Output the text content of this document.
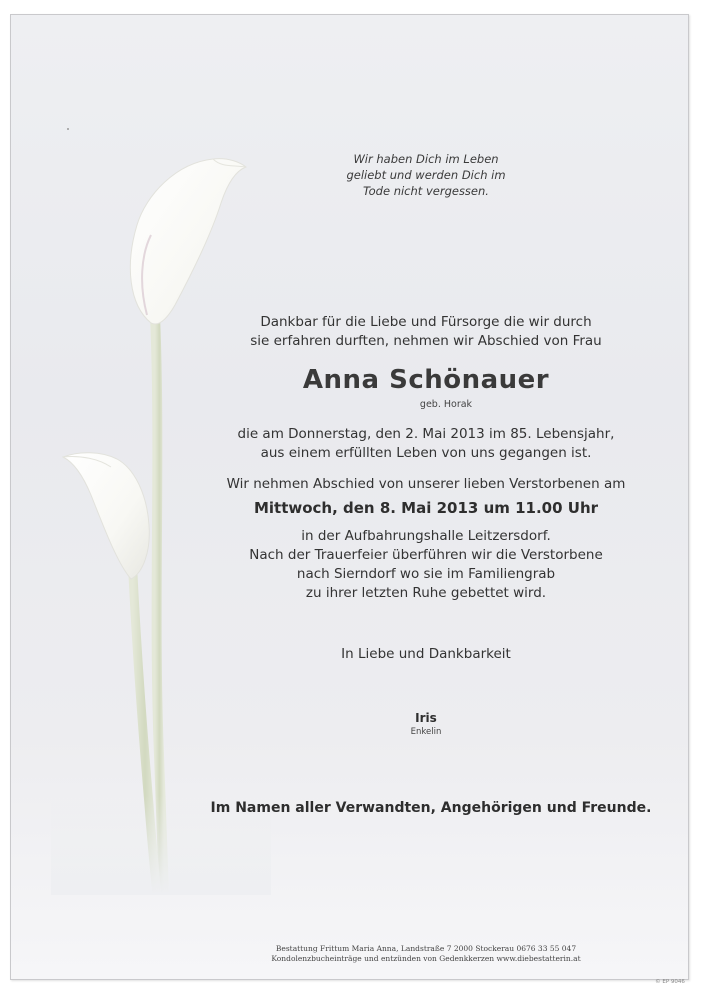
Wir haben Dich im Leben
geliebt und werden Dich im
Tode nicht vergessen.
Dankbar für die Liebe und Fürsorge die wir durch
sie erfahren durften, nehmen wir Abschied von Frau
Anna Schönauer
geb. Horak
die am Donnerstag, den 2. Mai 2013 im 85. Lebensjahr,
aus einem erfüllten Leben von uns gegangen ist.
Wir nehmen Abschied von unserer lieben Verstorbenen am
Mittwoch, den 8. Mai 2013 um 11.00 Uhr
in der Aufbahrungshalle Leitzersdorf.
Nach der Trauerfeier überführen wir die Verstorbene
nach Sierndorf wo sie im Familiengrab
zu ihrer letzten Ruhe gebettet wird.
In Liebe und Dankbarkeit
Iris
Enkelin
Im Namen aller Verwandten, Angehörigen und Freunde.
Bestattung Frittum Maria Anna, Landstraße 7 2000 Stockerau 0676 33 55 047
Kondolenzbucheinträge und entzünden von Gedenkkerzen www.diebestatterin.at
© EP 9046
